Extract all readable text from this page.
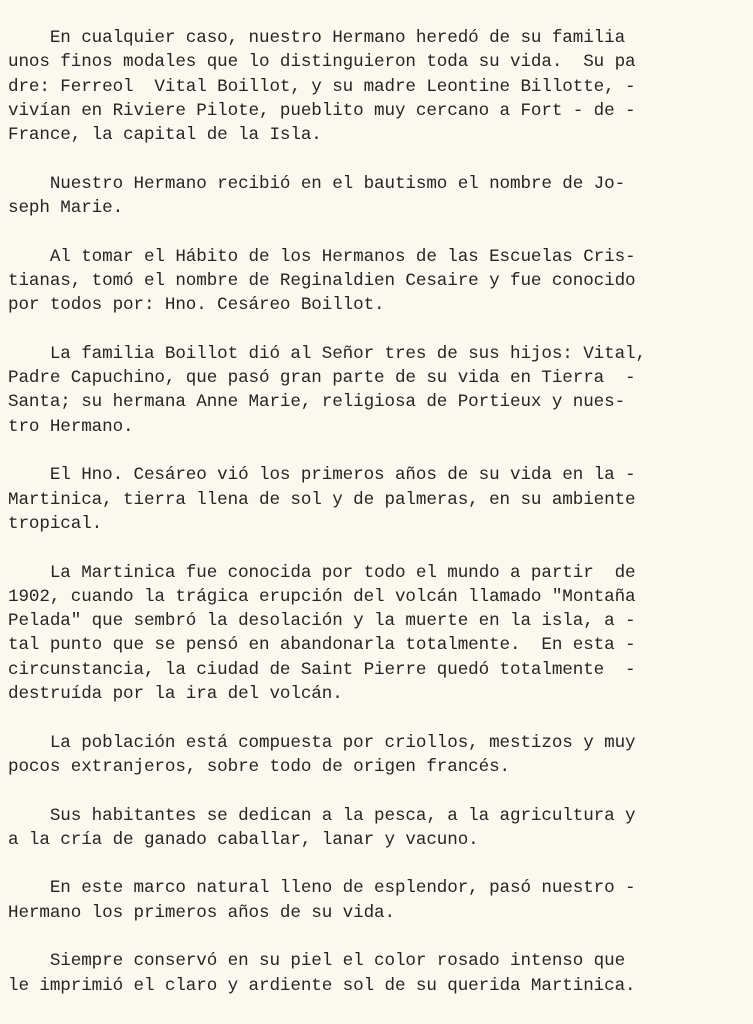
En cualquier caso, nuestro Hermano heredó de su familia
unos finos modales que lo distinguieron toda su vida.  Su pa
dre: Ferreol  Vital Boillot, y su madre Leontine Billotte, -
vivían en Riviere Pilote, pueblito muy cercano a Fort - de -
France, la capital de la Isla.
Nuestro Hermano recibió en el bautismo el nombre de Jo-
seph Marie.
Al tomar el Hábito de los Hermanos de las Escuelas Cris-
tianas, tomó el nombre de Reginaldien Cesaire y fue conocido
por todos por: Hno. Cesáreo Boillot.
La familia Boillot dió al Señor tres de sus hijos: Vital,
Padre Capuchino, que pasó gran parte de su vida en Tierra  -
Santa; su hermana Anne Marie, religiosa de Portieux y nues-
tro Hermano.
El Hno. Cesáreo vió los primeros años de su vida en la -
Martinica, tierra llena de sol y de palmeras, en su ambiente
tropical.
La Martinica fue conocida por todo el mundo a partir  de
1902, cuando la trágica erupción del volcán llamado "Montaña
Pelada" que sembró la desolación y la muerte en la isla, a -
tal punto que se pensó en abandonarla totalmente.  En esta -
circunstancia, la ciudad de Saint Pierre quedó totalmente  -
destruída por la ira del volcán.
La población está compuesta por criollos, mestizos y muy
pocos extranjeros, sobre todo de origen francés.
Sus habitantes se dedican a la pesca, a la agricultura y
a la cría de ganado caballar, lanar y vacuno.
En este marco natural lleno de esplendor, pasó nuestro -
Hermano los primeros años de su vida.
Siempre conservó en su piel el color rosado intenso que
le imprimió el claro y ardiente sol de su querida Martinica.
